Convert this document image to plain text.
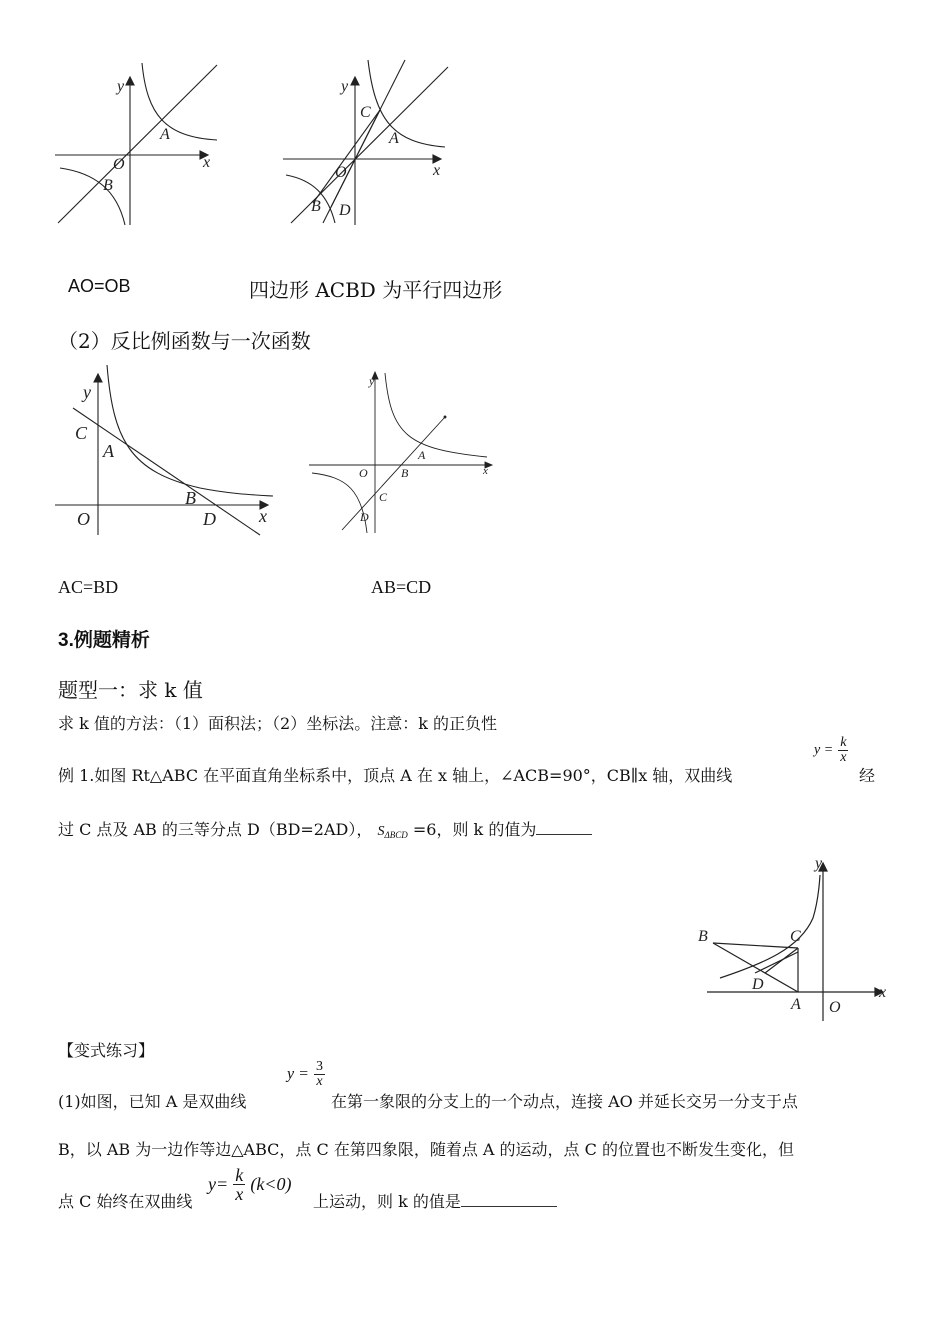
y
x
O
A
B
y
x
O
A
B
C
D
AO=OB	四边形 ACBD 为平行四边形
（2）反比例函数与一次函数
y
x
O
A
B
C
D
y
x
O
A
B
C
D
AC=BD	AB=CD
3.例题精析
题型一：求 k 值
求 k 值的方法：（1）面积法；（2）坐标法。注意：k 的正负性
例 1.如图 Rt△ABC 在平面直角坐标系中，顶点 A 在 x 轴上，∠ACB=90°，CB∥x 轴，双曲线
$y = \frac{k}{x}$
经
过 C 点及 AB 的三等分点 D（BD=2AD）， SΔBCD =6，则 k 的值为
y
x
O
A
B	C
D
【变式练习】
(1)如图，已知 A 是双曲线
$y = \frac{3}{x}$
在第一象限的分支上的一个动点，连接 AO 并延长交另一分支于点
B，以 AB 为一边作等边△ABC，点 C 在第四象限，随着点 A 的运动，点 C 的位置也不断发生变化，但
点 C 始终在双曲线
$y= \frac{k}{x} (k<0)$
上运动，则 k 的值是
